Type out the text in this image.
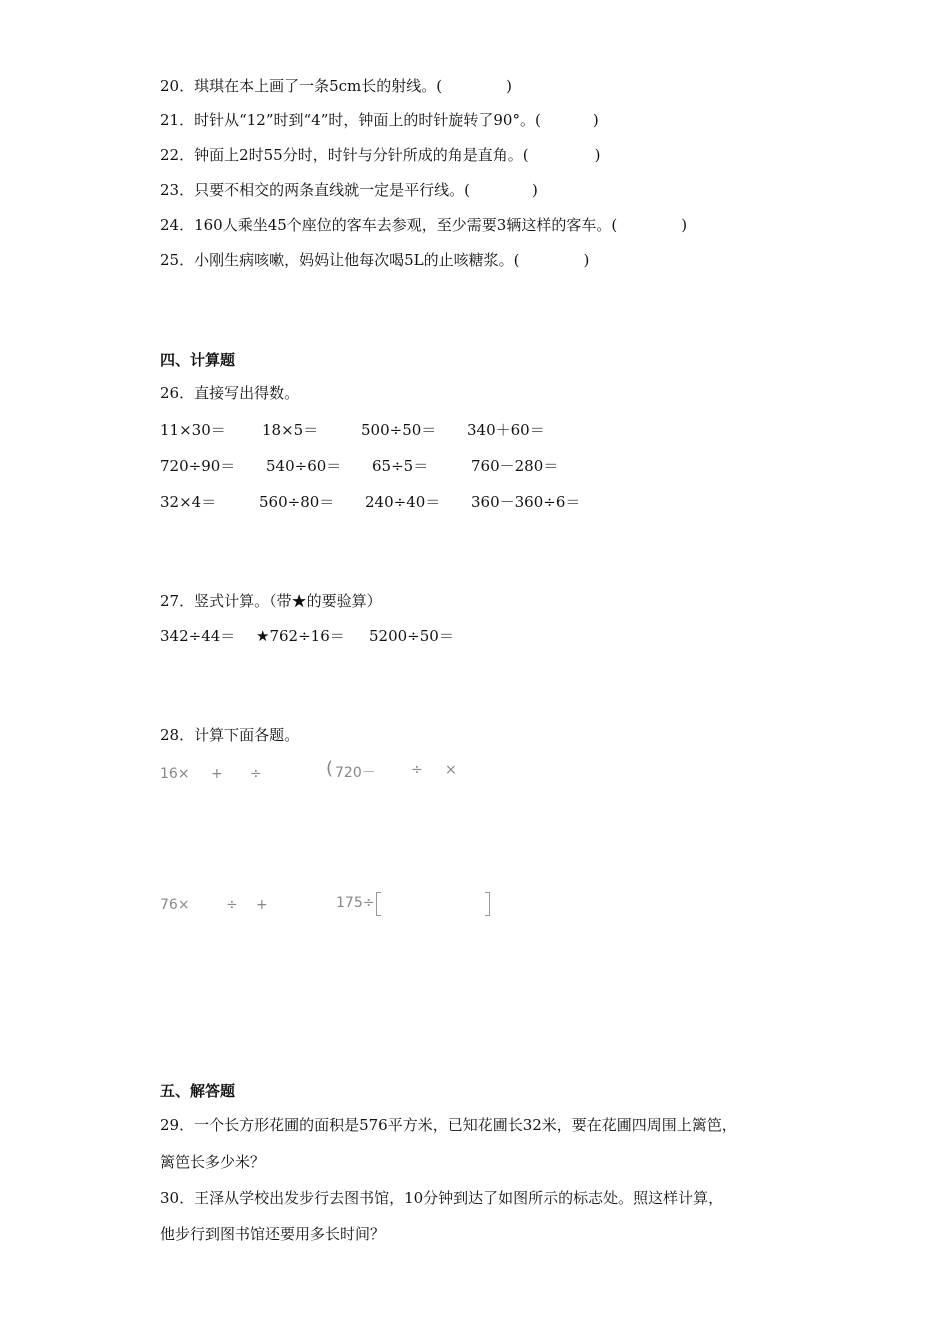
20．琪琪在本上画了一条5cm长的射线。(	)
21．时针从“12”时到“4”时，钟面上的时针旋转了90°。(	)
22．钟面上2时55分时，时针与分针所成的角是直角。(	)
23．只要不相交的两条直线就一定是平行线。(	)
24．160人乘坐45个座位的客车去参观，至少需要3辆这样的客车。(	)
25．小刚生病咳嗽，妈妈让他每次喝5L的止咳糖浆。(	)
四、计算题
26．直接写出得数。
11×30＝ 18×5＝	500÷50＝ 340＋60＝
720÷90＝ 540÷60＝ 65÷5＝	760－280＝
32×4＝	560÷80＝ 240÷40＝ 360－360÷6＝
27．竖式计算。（带★的要验算）
342÷44＝ ★762÷16＝ 5200÷50＝
28．计算下面各题。
16× + ÷	( 720－	÷ ×
76×	÷ +	175÷
五、解答题
29．一个长方形花圃的面积是576平方米，已知花圃长32米，要在花圃四周围上篱笆，
篱笆长多少米？
30．王泽从学校出发步行去图书馆，10分钟到达了如图所示的标志处。照这样计算，
他步行到图书馆还要用多长时间？
